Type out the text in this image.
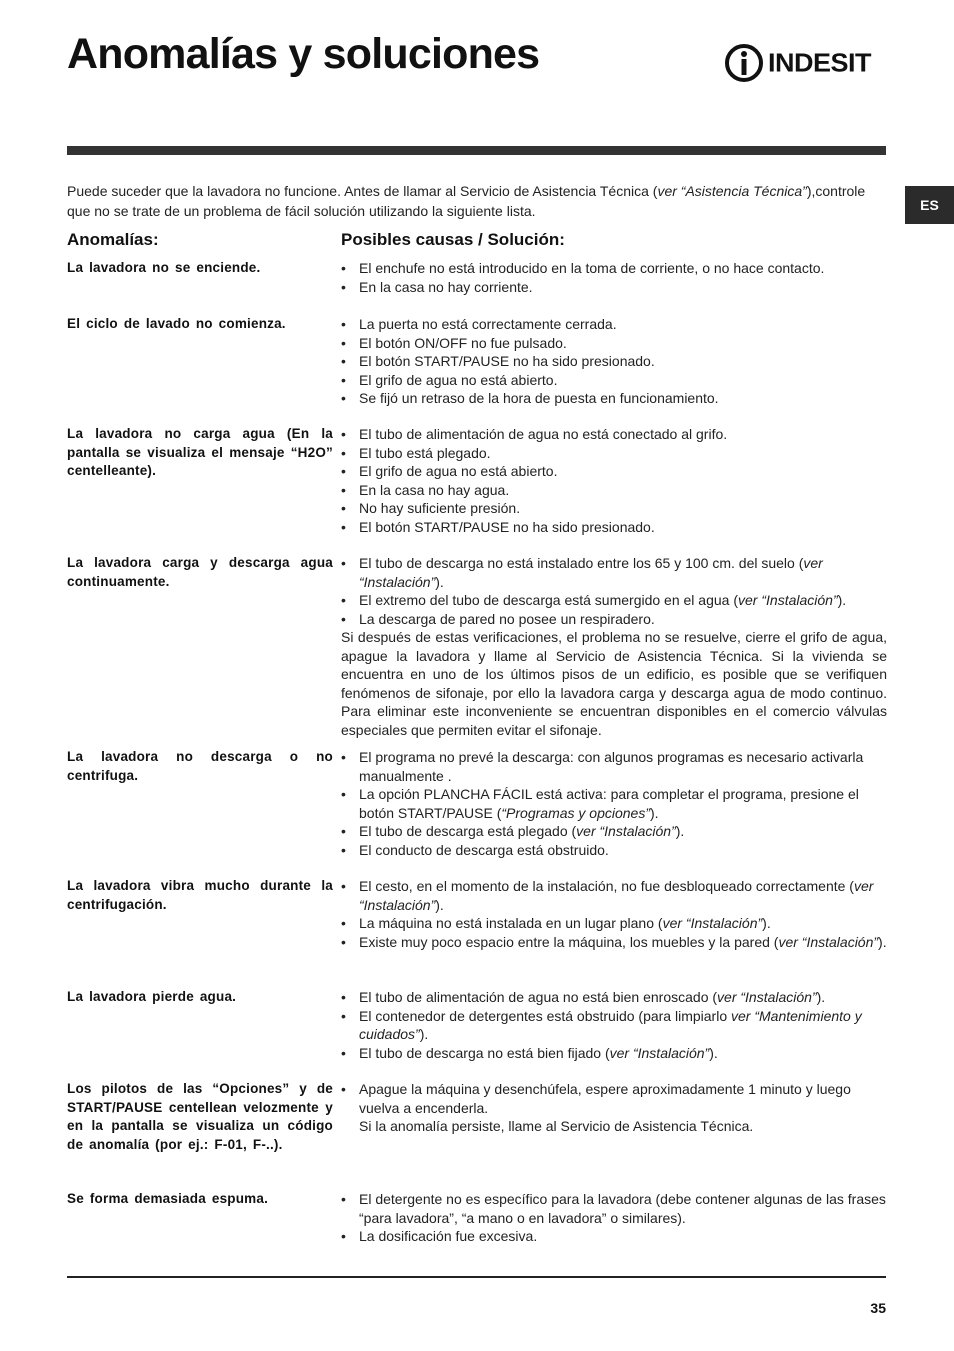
Anomalías y soluciones	INDESIT
ES
Puede suceder que la lavadora no funcione. Antes de llamar al Servicio de Asistencia Técnica (ver “Asistencia Técnica”),controle que no se trate de un problema de fácil solución utilizando la siguiente lista.
Anomalías:	Posibles causas / Solución:
La lavadora no se enciende.	• El enchufe no está introducido en la toma de corriente, o no hace contacto.
• En la casa no hay corriente.
El ciclo de lavado no comienza.	• La puerta no está correctamente cerrada.
• El botón ON/OFF no fue pulsado.
• El botón START/PAUSE no ha sido presionado.
• El grifo de agua no está abierto.
• Se fijó un retraso de la hora de puesta en funcionamiento.
La lavadora no carga agua (En la pantalla se visualiza el mensaje “H2O” centelleante).
• El tubo de alimentación de agua no está conectado al grifo.
• El tubo está plegado.
• El grifo de agua no está abierto.
• En la casa no hay agua.
• No hay suficiente presión.
• El botón START/PAUSE no ha sido presionado.
La lavadora carga y descarga agua continuamente.
• El tubo de descarga no está instalado entre los 65 y 100 cm. del suelo (ver “Instalación”).
• El extremo del tubo de descarga está sumergido en el agua (ver “Instalación”).
• La descarga de pared no posee un respiradero.

Si después de estas verificaciones, el problema no se resuelve, cierre el grifo de agua, apague la lavadora y llame al Servicio de Asistencia Técnica. Si la vivienda se encuentra en uno de los últimos pisos de un edificio, es posible que se verifiquen fenómenos de sifonaje, por ello la lavadora carga y descarga agua de modo continuo. Para eliminar este inconveniente se encuentran disponibles en el comercio válvulas especiales que permiten evitar el sifonaje.

La lavadora no descarga o no centrifuga.
• El programa no prevé la descarga: con algunos programas es necesario activarla manualmente .
• La opción PLANCHA FÁCIL está activa: para completar el programa, presione el botón START/PAUSE (“Programas y opciones”).
• El tubo de descarga está plegado (ver “Instalación”).
• El conducto de descarga está obstruido.
La lavadora vibra mucho durante la centrifugación.
• El cesto, en el momento de la instalación, no fue desbloqueado correctamente (ver “Instalación”).
• La máquina no está instalada en un lugar plano (ver “Instalación”).
• Existe muy poco espacio entre la máquina, los muebles y la pared (ver “Instalación”).
La lavadora pierde agua.	• El tubo de alimentación de agua no está bien enroscado (ver “Instalación”).
• El contenedor de detergentes está obstruido (para limpiarlo ver “Mantenimiento y cuidados”).
• El tubo de descarga no está bien fijado (ver “Instalación”).
Los pilotos de las “Opciones” y de START/PAUSE centellean velozmente y en la pantalla se visualiza un código de anomalía (por ej.: F-01, F-..).
• Apague la máquina y desenchúfela, espere aproximadamente 1 minuto y luego vuelva a encenderla.

Si la anomalía persiste, llame al Servicio de Asistencia Técnica.

Se forma demasiada espuma.	• El detergente no es específico para la lavadora (debe contener algunas de las frases “para lavadora”, “a mano o en lavadora” o similares).
• La dosificación fue excesiva.
35
